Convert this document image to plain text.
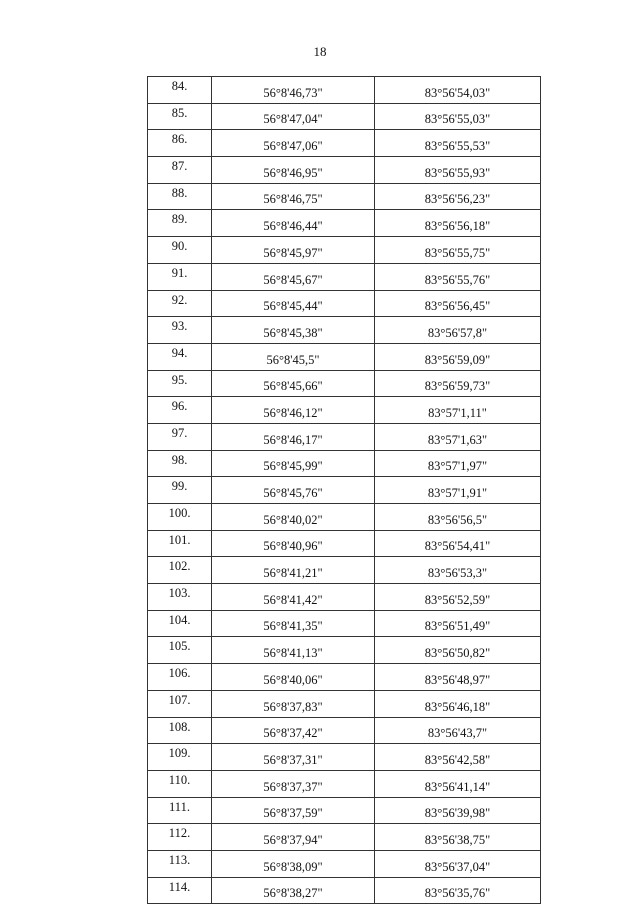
18
84.	56°8'46,73"	83°56'54,03"
85.	56°8'47,04"	83°56'55,03"
86.	56°8'47,06"	83°56'55,53"
87.	56°8'46,95"	83°56'55,93"
88.	56°8'46,75"	83°56'56,23"
89.	56°8'46,44"	83°56'56,18"
90.	56°8'45,97"	83°56'55,75"
91.	56°8'45,67"	83°56'55,76"
92.	56°8'45,44"	83°56'56,45"
93.	56°8'45,38"	83°56'57,8"
94.	56°8'45,5"	83°56'59,09"
95.	56°8'45,66"	83°56'59,73"
96.	56°8'46,12"	83°57'1,11"
97.	56°8'46,17"	83°57'1,63"
98.	56°8'45,99"	83°57'1,97"
99.	56°8'45,76"	83°57'1,91"
100.	56°8'40,02"	83°56'56,5"
101.	56°8'40,96"	83°56'54,41"
102.	56°8'41,21"	83°56'53,3"
103.	56°8'41,42"	83°56'52,59"
104.	56°8'41,35"	83°56'51,49"
105.	56°8'41,13"	83°56'50,82"
106.	56°8'40,06"	83°56'48,97"
107.	56°8'37,83"	83°56'46,18"
108.	56°8'37,42"	83°56'43,7"
109.	56°8'37,31"	83°56'42,58"
110.	56°8'37,37"	83°56'41,14"
111.	56°8'37,59"	83°56'39,98"
112.	56°8'37,94"	83°56'38,75"
113.	56°8'38,09"	83°56'37,04"
114.	56°8'38,27"	83°56'35,76"
